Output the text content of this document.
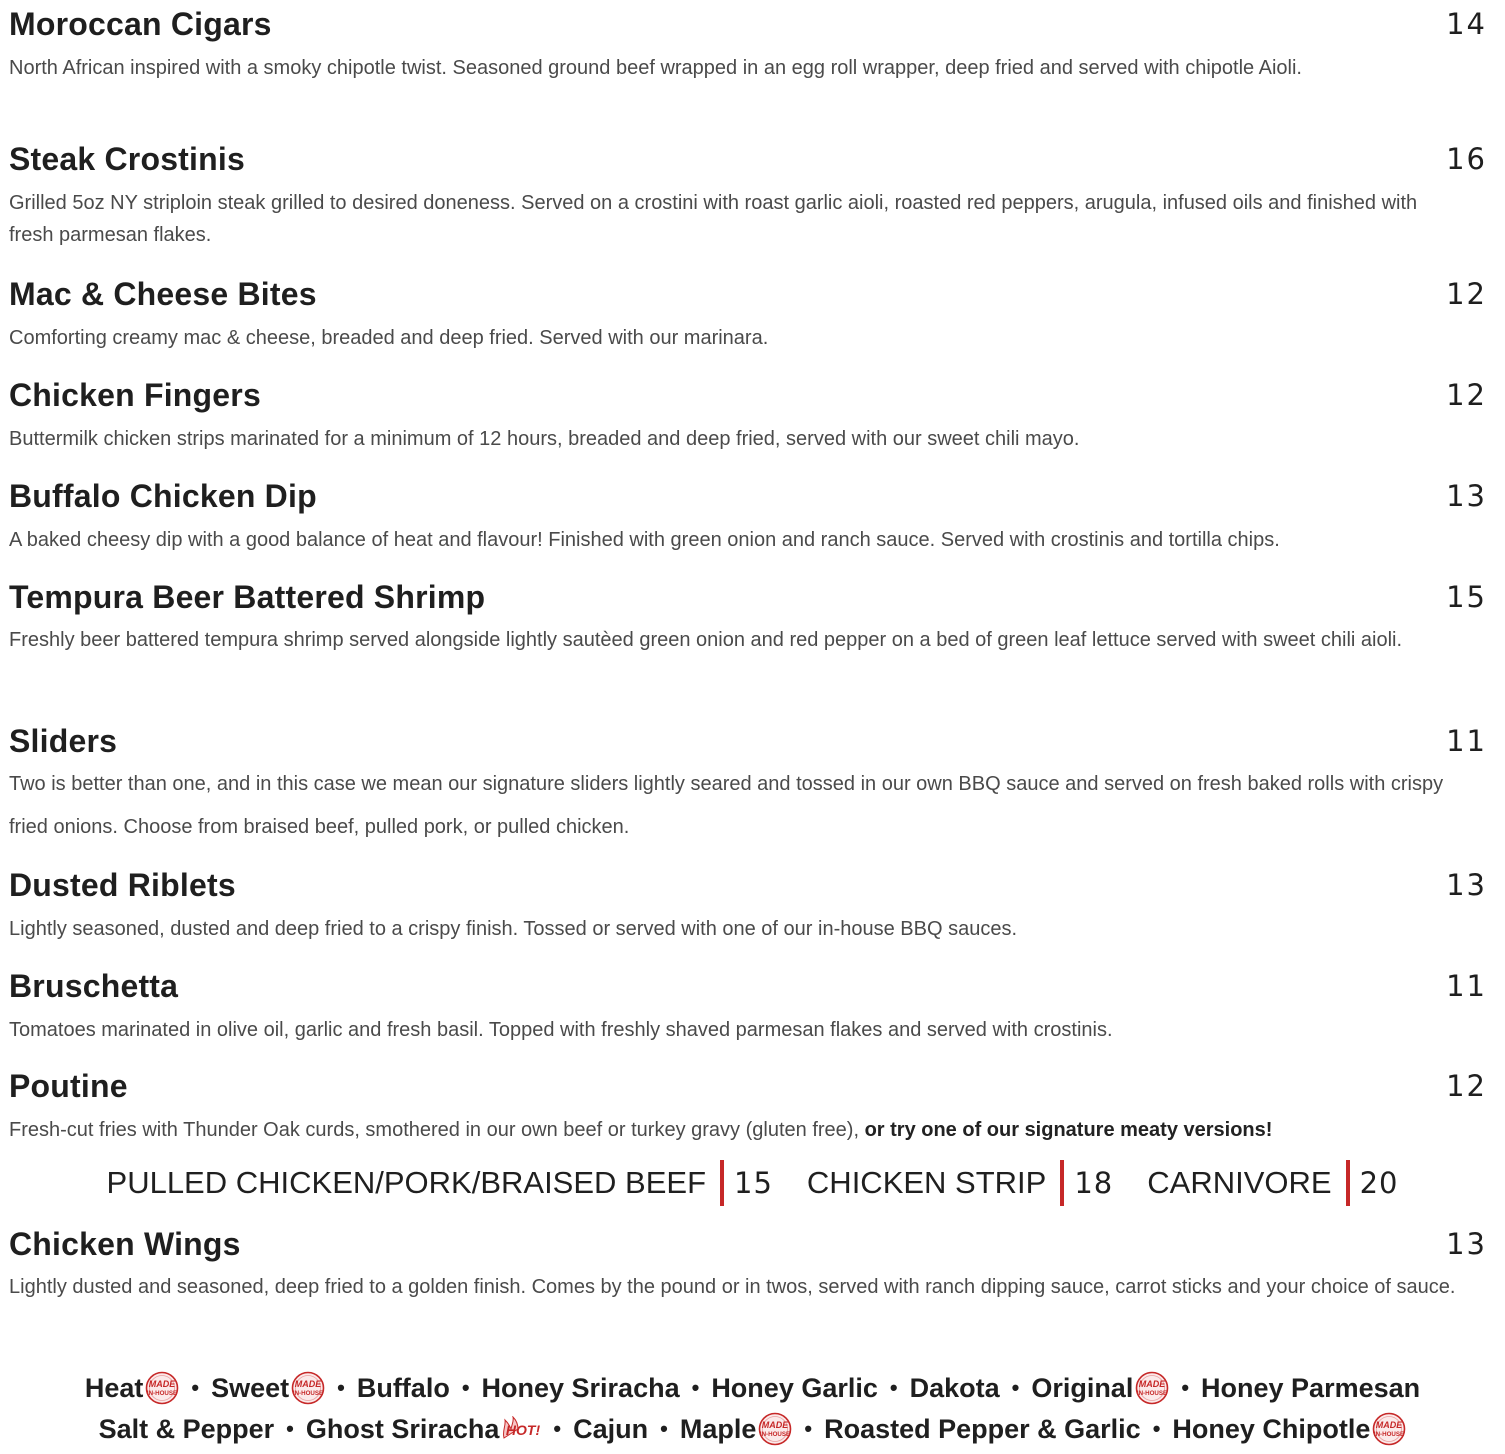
Moroccan Cigars	14
North African inspired with a smoky chipotle twist. Seasoned ground beef wrapped in an egg roll wrapper, deep fried and served with chipotle Aioli.
Steak Crostinis	16
Grilled 5oz NY striploin steak grilled to desired doneness. Served on a crostini with roast garlic aioli, roasted red peppers, arugula, infused oils and finished with fresh parmesan flakes.
Mac & Cheese Bites	12
Comforting creamy mac & cheese, breaded and deep fried. Served with our marinara.
Chicken Fingers	12
Buttermilk chicken strips marinated for a minimum of 12 hours, breaded and deep fried, served with our sweet chili mayo.
Buffalo Chicken Dip	13
A baked cheesy dip with a good balance of heat and flavour! Finished with green onion and ranch sauce. Served with crostinis and tortilla chips.
Tempura Beer Battered Shrimp	15
Freshly beer battered tempura shrimp served alongside lightly sautèed green onion and red pepper on a bed of green leaf lettuce served with sweet chili aioli.
Sliders	11
Two is better than one, and in this case we mean our signature sliders lightly seared and tossed in our own BBQ sauce and served on fresh baked rolls with crispy fried onions. Choose from braised beef, pulled pork, or pulled chicken.
Dusted Riblets	13
Lightly seasoned, dusted and deep fried to a crispy finish. Tossed or served with one of our in-house BBQ sauces.
Bruschetta	11
Tomatoes marinated in olive oil, garlic and fresh basil. Topped with freshly shaved parmesan flakes and served with crostinis.
Poutine	12
Fresh-cut fries with Thunder Oak curds, smothered in our own beef or turkey gravy (gluten free), or try one of our signature meaty versions!
PULLED CHICKEN/PORK/BRAISED BEEF 15 CHICKEN STRIP 18 CARNIVORE 20
Chicken Wings	13
Lightly dusted and seasoned, deep fried to a golden finish. Comes by the pound or in twos, served with ranch dipping sauce, carrot sticks and your choice of sauce.
Heat MADE
IN-HOUSE • Sweet MADE
IN-HOUSE • Buffalo • Honey Sriracha • Honey Garlic • Dakota • Original MADE
IN-HOUSE • Honey Parmesan
Salt & Pepper • Ghost Sriracha HOT! • Cajun • Maple MADE
IN-HOUSE • Roasted Pepper & Garlic • Honey Chipotle MADE
IN-HOUSE
